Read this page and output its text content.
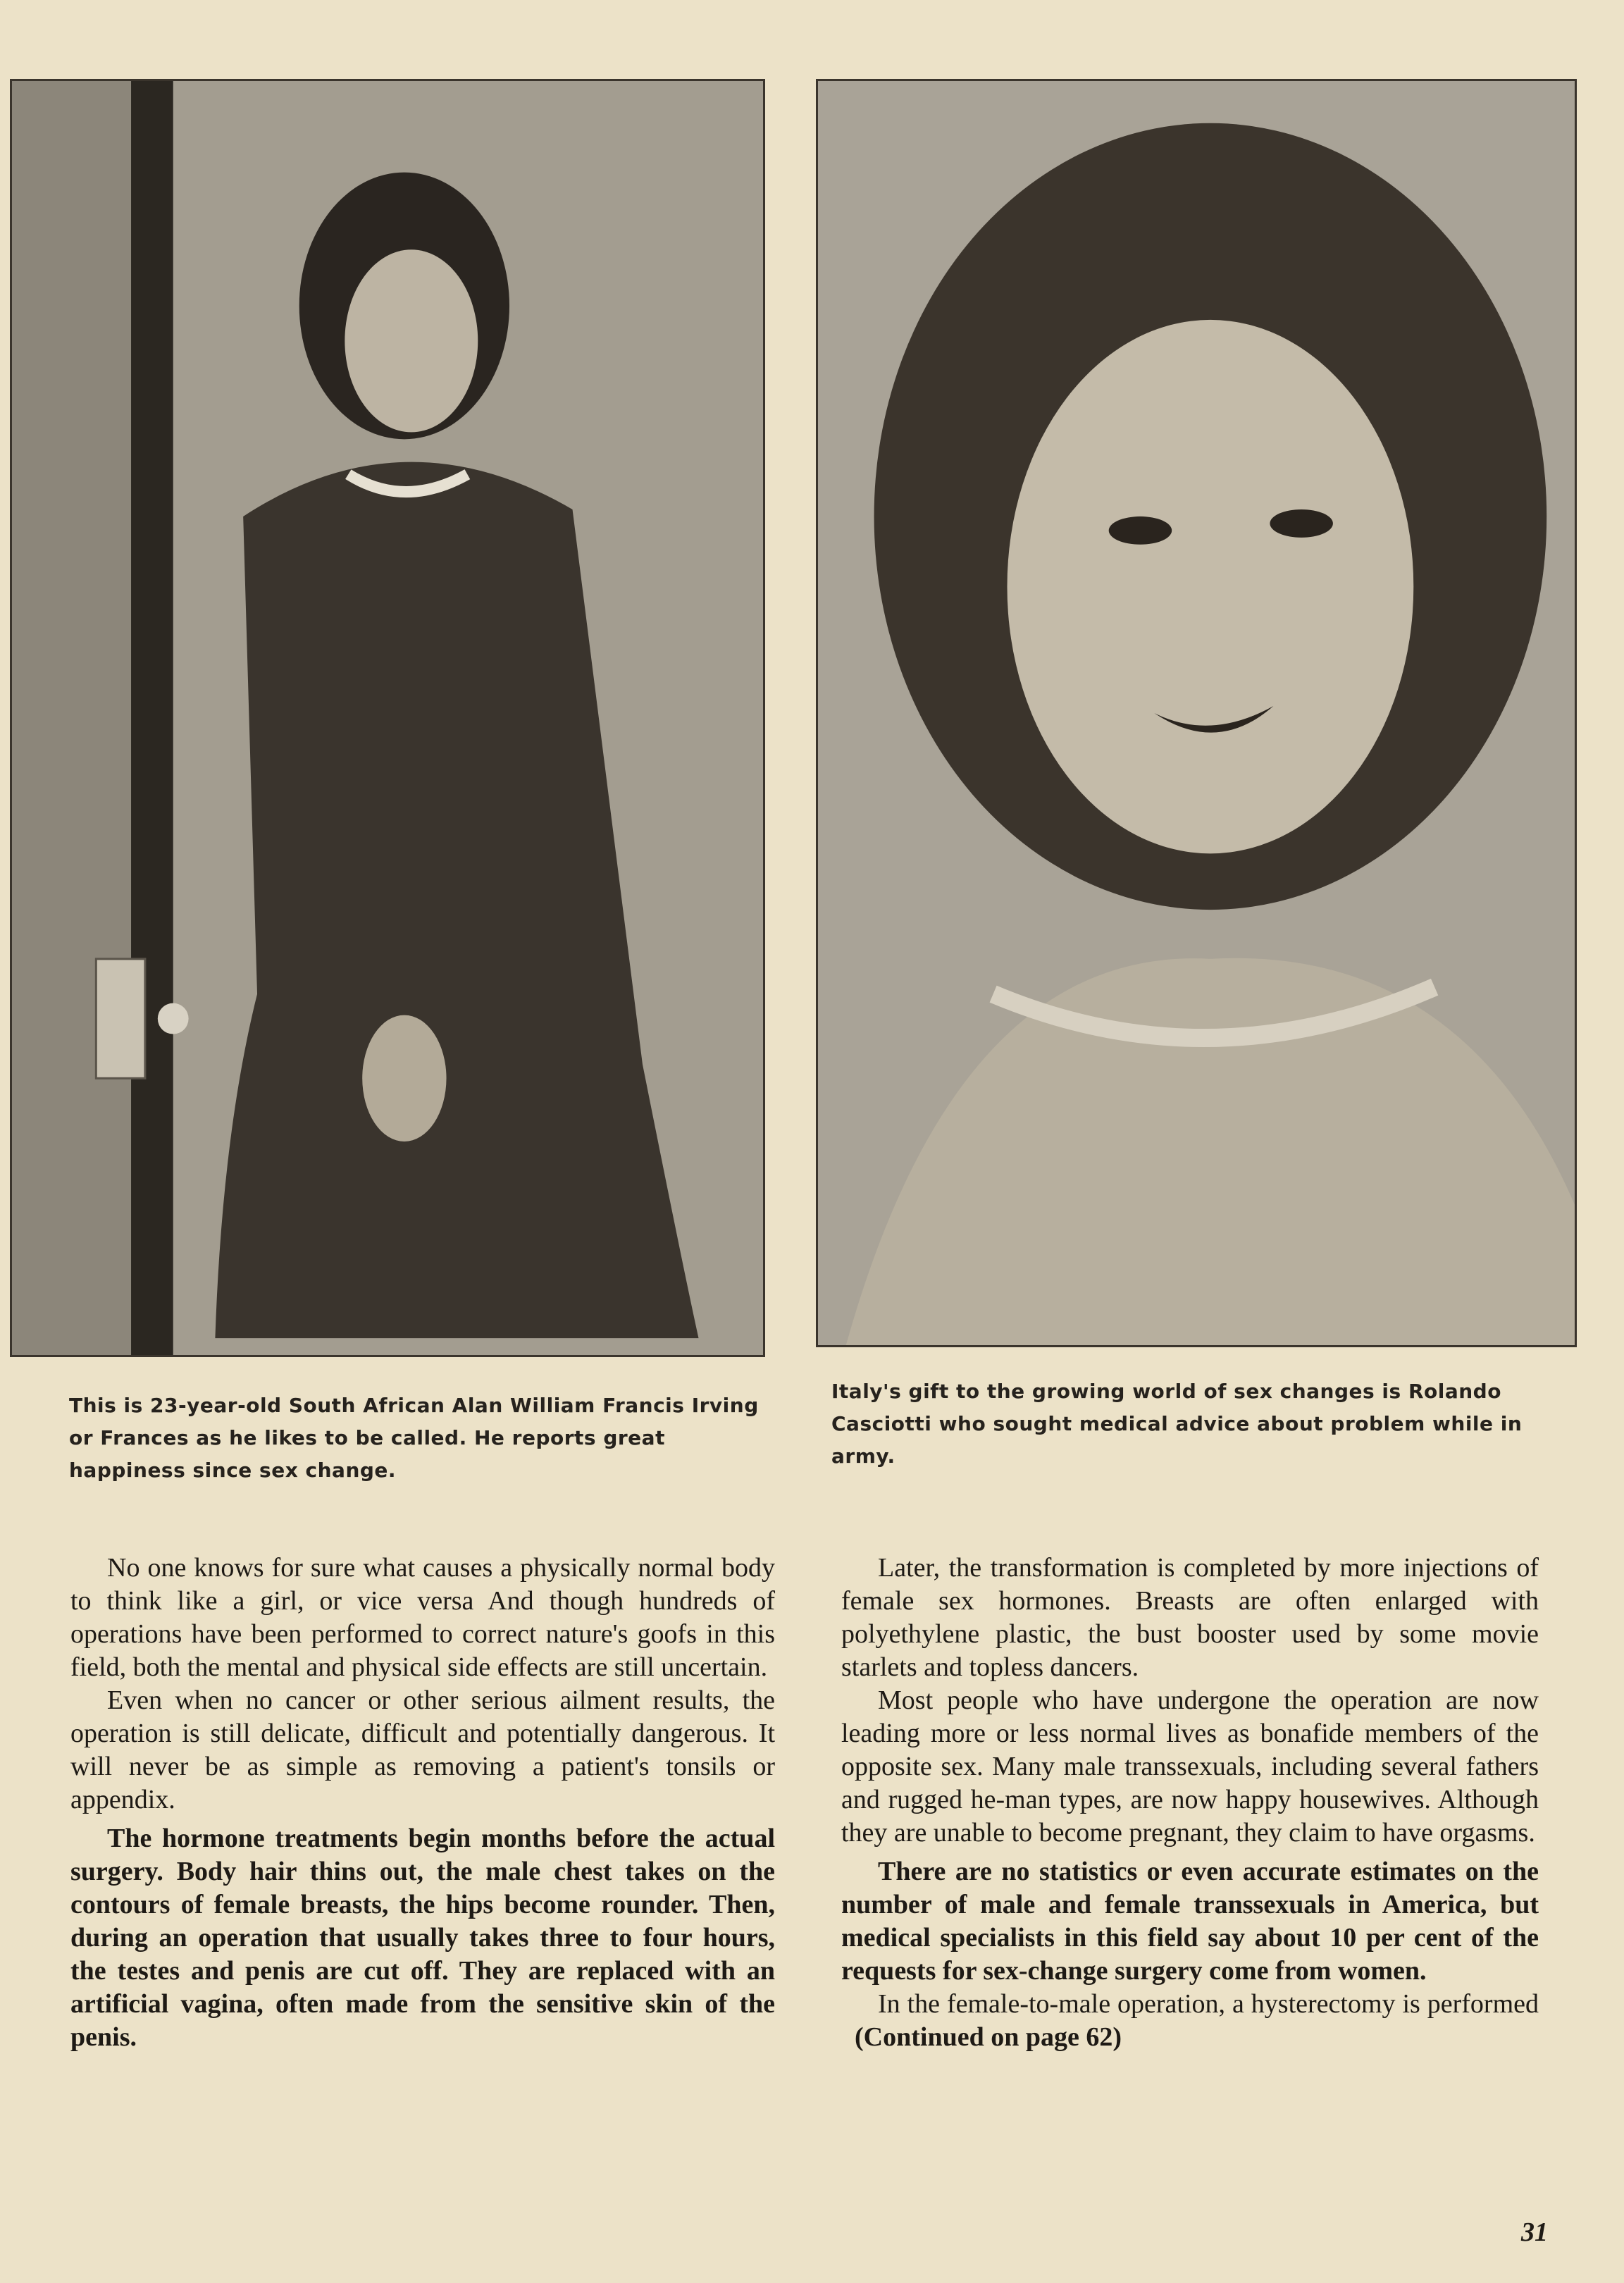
This is 23-year-old South African Alan William Francis Irving or Frances as he likes to be called. He reports great happiness since sex change.
Italy's gift to the growing world of sex changes is Rolando Casciotti who sought medical advice about problem while in army.

No one knows for sure what causes a physically normal body to think like a girl, or vice versa And though hundreds of operations have been performed to correct nature's goofs in this field, both the mental and physical side effects are still uncertain.

Even when no cancer or other serious ailment results, the operation is still delicate, difficult and potentially dangerous. It will never be as simple as removing a patient's tonsils or appendix.

The hormone treatments begin months before the actual surgery. Body hair thins out, the male chest takes on the contours of female breasts, the hips become rounder. Then, during an operation that usually takes three to four hours, the testes and penis are cut off. They are replaced with an artificial vagina, often made from the sensitive skin of the penis.

Later, the transformation is completed by more injections of female sex hormones. Breasts are often enlarged with polyethylene plastic, the bust booster used by some movie starlets and topless dancers.

Most people who have undergone the operation are now leading more or less normal lives as bonafide members of the opposite sex. Many male transsexuals, including several fathers and rugged he-man types, are now happy housewives. Although they are unable to become pregnant, they claim to have orgasms.

There are no statistics or even accurate estimates on the number of male and female transsexuals in America, but medical specialists in this field say about 10 per cent of the requests for sex-change surgery come from women.

In the female-to-male operation, a hysterectomy is performed   (Continued on page 62)

31
